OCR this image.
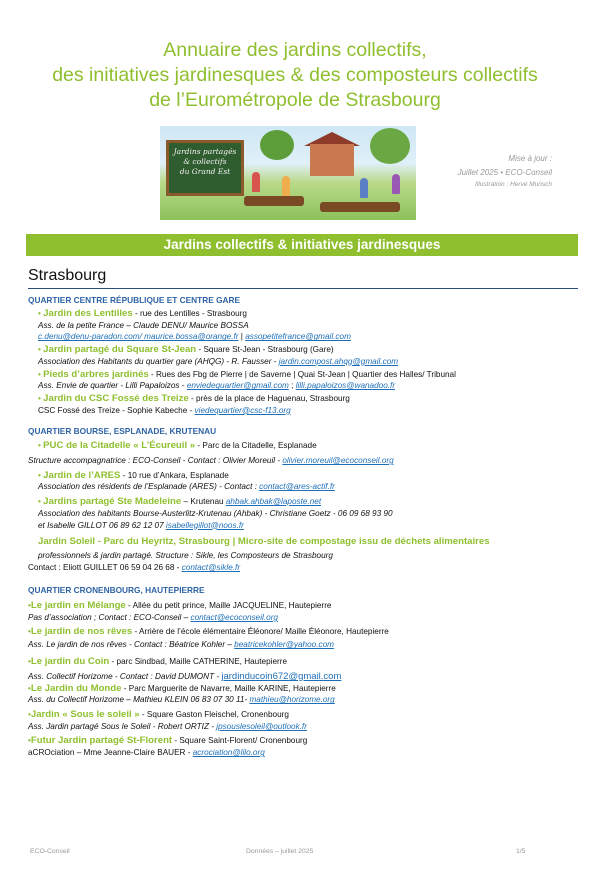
Annuaire des jardins collectifs,
des initiatives jardinesques & des composteurs collectifs
de l’Eurométropole de Strasbourg
Jardins partagés
& collectifs
du Grand Est
Mise à jour :
Juillet 2025 • ECO-Conseil
Illustration : Hervé Munsch
Jardins collectifs & initiatives jardinesques
Strasbourg
QUARTIER CENTRE RÉPUBLIQUE ET CENTRE GARE
• Jardin des Lentilles - rue des Lentilles - Strasbourg
Ass. de la petite France – Claude DENU/ Maurice BOSSA
c.denu@denu-paradon.com/ maurice.bossa@orange.fr | assopetitefrance@gmail.com
• Jardin partagé du Square St-Jean - Square St-Jean - Strasbourg (Gare)
Association des Habitants du quartier gare (AHQG) - R. Fausser - jardin.compost.ahqg@gmail.com
• Pieds d’arbres jardinés - Rues des Fbg de Pierre | de Saverne | Quai St-Jean | Quartier des Halles/ Tribunal
Ass. Envie de quartier - Lilli Papaloizos - enviedequartier@gmail.com ; lilli.papaloizos@wanadoo.fr
• Jardin du CSC Fossé des Treize - près de la place de Haguenau, Strasbourg
CSC Fossé des Treize - Sophie Kabeche - viedequartier@csc-f13.org
QUARTIER BOURSE, ESPLANADE, KRUTENAU
• PUC de la Citadelle « L’Écureuil » - Parc de la Citadelle, Esplanade
Structure accompagnatrice : ECO-Conseil - Contact : Olivier Moreuil - olivier.moreuil@ecoconseil.org
• Jardin de l’ARES - 10 rue d’Ankara, Esplanade
Association des résidents de l’Esplanade (ARES) - Contact : contact@ares-actif.fr
• Jardins partagé Ste Madeleine – Krutenau ahbak.ahbak@laposte.net
Association des habitants Bourse-Austerlitz-Krutenau (Ahbak) - Christiane Goetz - 06 09 68 93 90
et Isabelle GILLOT 06 89 62 12 07 isabellegillot@noos.fr
Jardin Soleil - Parc du Heyritz, Strasbourg | Micro-site de compostage issu de déchets alimentaires
professionnels & jardin partagé. Structure : Sikle, les Composteurs de Strasbourg
Contact : Eliott GUILLET 06 59 04 26 68 - contact@sikle.fr
QUARTIER CRONENBOURG, HAUTEPIERRE
•Le jardin en Mélange - Allée du petit prince, Maille JACQUELINE, Hautepierre
Pas d’association ; Contact : ECO-Conseil – contact@ecoconseil.org
•Le jardin de nos rêves - Arrière de l’école élémentaire Éléonore/ Maille Éléonore, Hautepierre
Ass. Le jardin de nos rêves - Contact : Béatrice Kohler – beatricekohler@yahoo.com
•Le jardin du Coin - parc Sindbad, Maille CATHERINE, Hautepierre
Ass. Collectif Horizome - Contact : David DUMONT - jardinducoin672@gmail.com
•Le Jardin du Monde - Parc Marguerite de Navarre, Maille KARINE, Hautepierre
Ass. du Collectif Horizome – Mathieu KLEIN 06 83 07 30 11- mathieu@horizome.org
•Jardin « Sous le soleil » - Square Gaston Fleischel, Cronenbourg
Ass. Jardin partagé Sous le Soleil - Robert ORTIZ - jpsouslesoleil@outlook.fr
•Futur Jardin partagé St-Florent - Square Saint-Florent/ Cronenbourg
aCROciation – Mme Jeanne-Claire BAUER - acrociation@lilo.org
ECO-Conseil	Données – juillet 2025	1/5
